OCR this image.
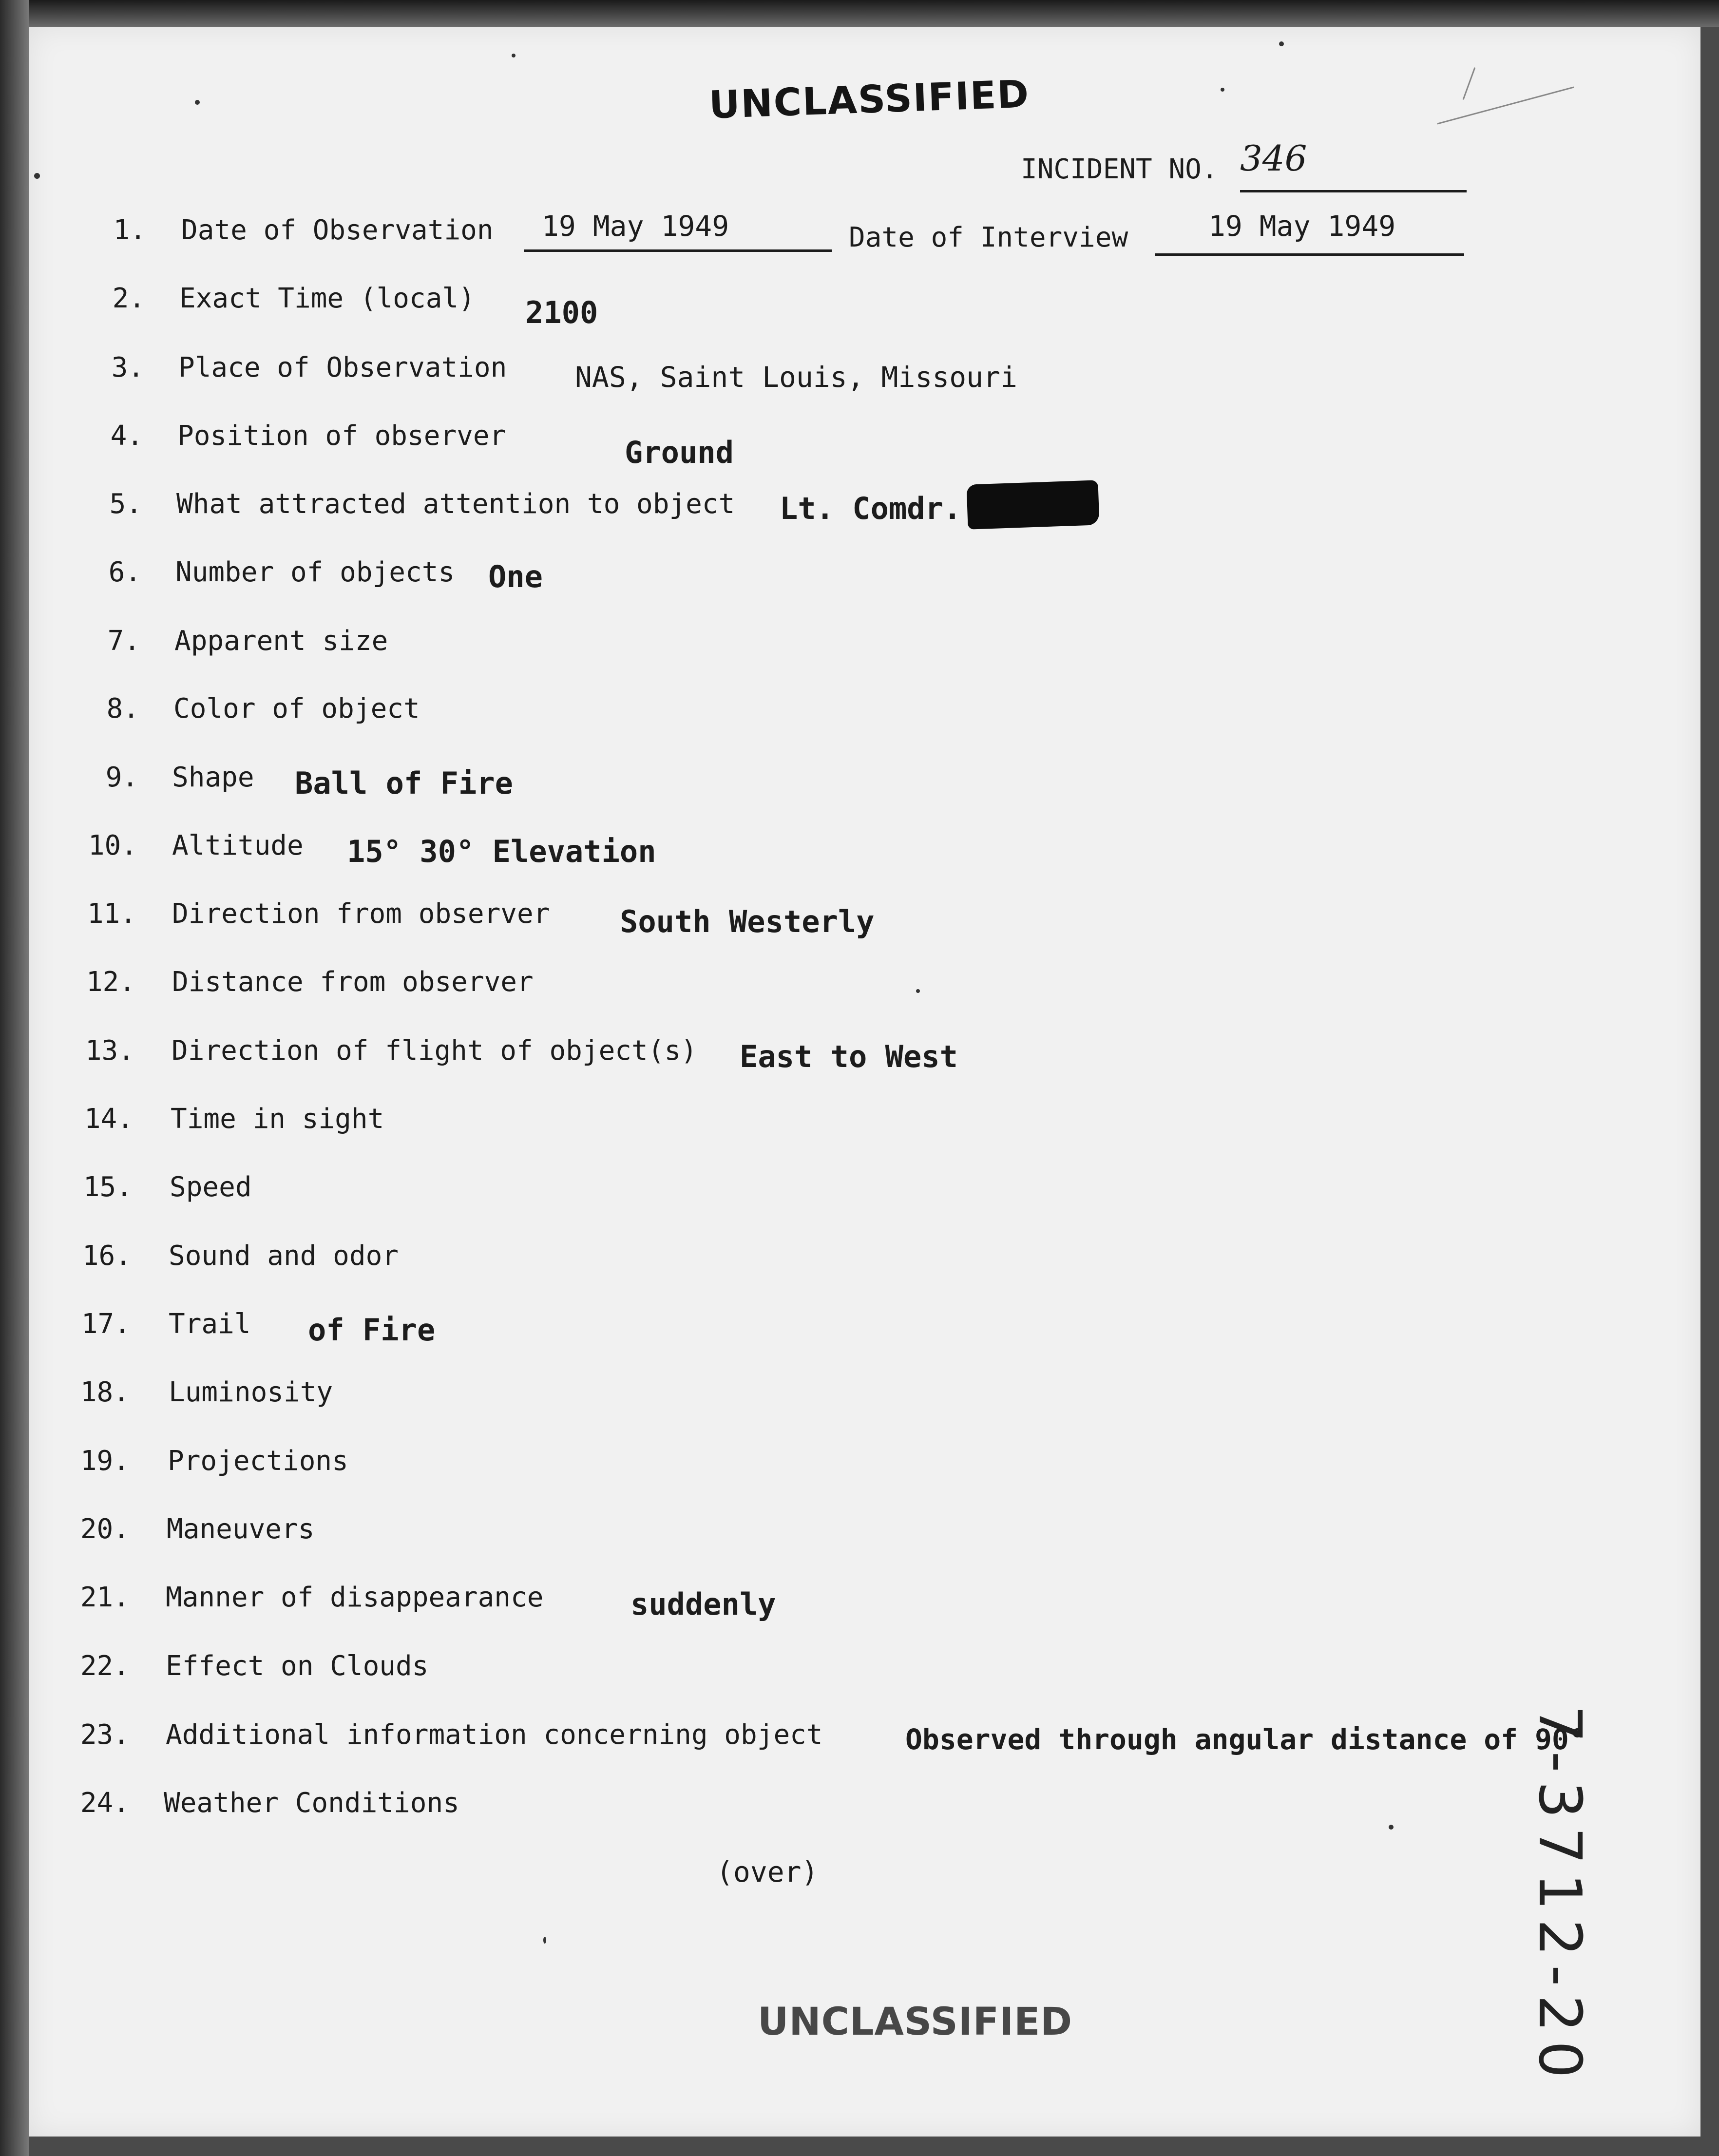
UNCLASSIFIED
INCIDENT NO. 346
1. Date of Observation 19 May 1949	Date of Interview	19 May 1949
2. Exact Time (local) 2100
3. Place of Observation NAS, Saint Louis, Missouri
4. Position of observer	Ground
5. What attracted attention to object Lt. Comdr.
6. Number of objects One
7. Apparent size
8. Color of object
9. Shape Ball of Fire
10. Altitude 15° 30° Elevation
11. Direction from observer South Westerly
12. Distance from observer
13. Direction of flight of object(s) East to West
14. Time in sight
15. Speed
16. Sound and odor
17. Trail of Fire
18. Luminosity
19. Projections
20. Maneuvers
21. Manner of disappearance	suddenly
22. Effect on Clouds
23. Additional information concerning object	Observed through angular distance of 90°
24. Weather Conditions
(over)
UNCLASSIFIED	7-3712-20
